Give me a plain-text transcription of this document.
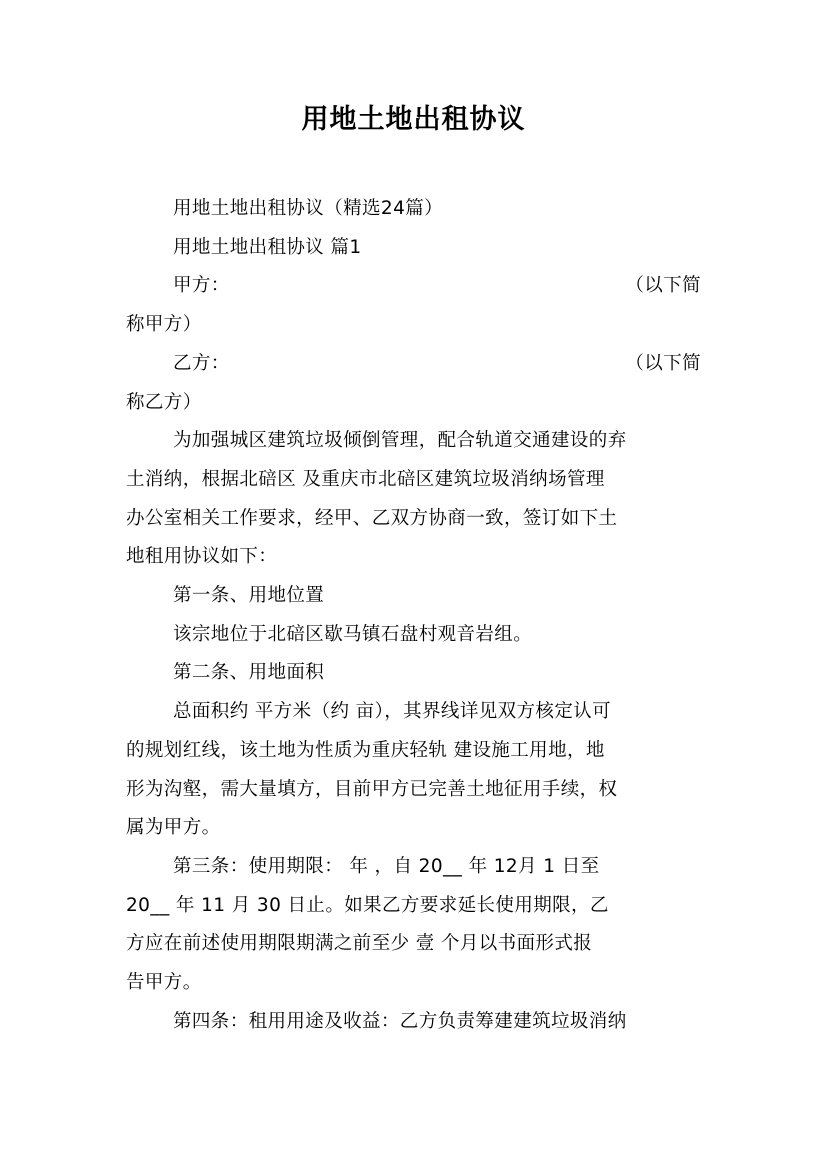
用地土地出租协议

用地土地出租协议（精选24篇）

用地土地出租协议 篇1

甲方：	（以下简

称甲方）

乙方：	（以下简

称乙方）

为加强城区建筑垃圾倾倒管理，配合轨道交通建设的弃

土消纳，根据北碚区 及重庆市北碚区建筑垃圾消纳场管理

办公室相关工作要求，经甲、乙双方协商一致，签订如下土

地租用协议如下：

第一条、用地位置

该宗地位于北碚区歇马镇石盘村观音岩组。

第二条、用地面积

总面积约 平方米（约 亩），其界线详见双方核定认可

的规划红线，该土地为性质为重庆轻轨 建设施工用地，地

形为沟壑，需大量填方，目前甲方已完善土地征用手续，权

属为甲方。

第三条：使用期限： 年 ，自 20__ 年 12月 1 日至

20__ 年 11 月 30 日止。如果乙方要求延长使用期限，乙

方应在前述使用期限期满之前至少 壹 个月以书面形式报

告甲方。

第四条：租用用途及收益：乙方负责筹建建筑垃圾消纳
